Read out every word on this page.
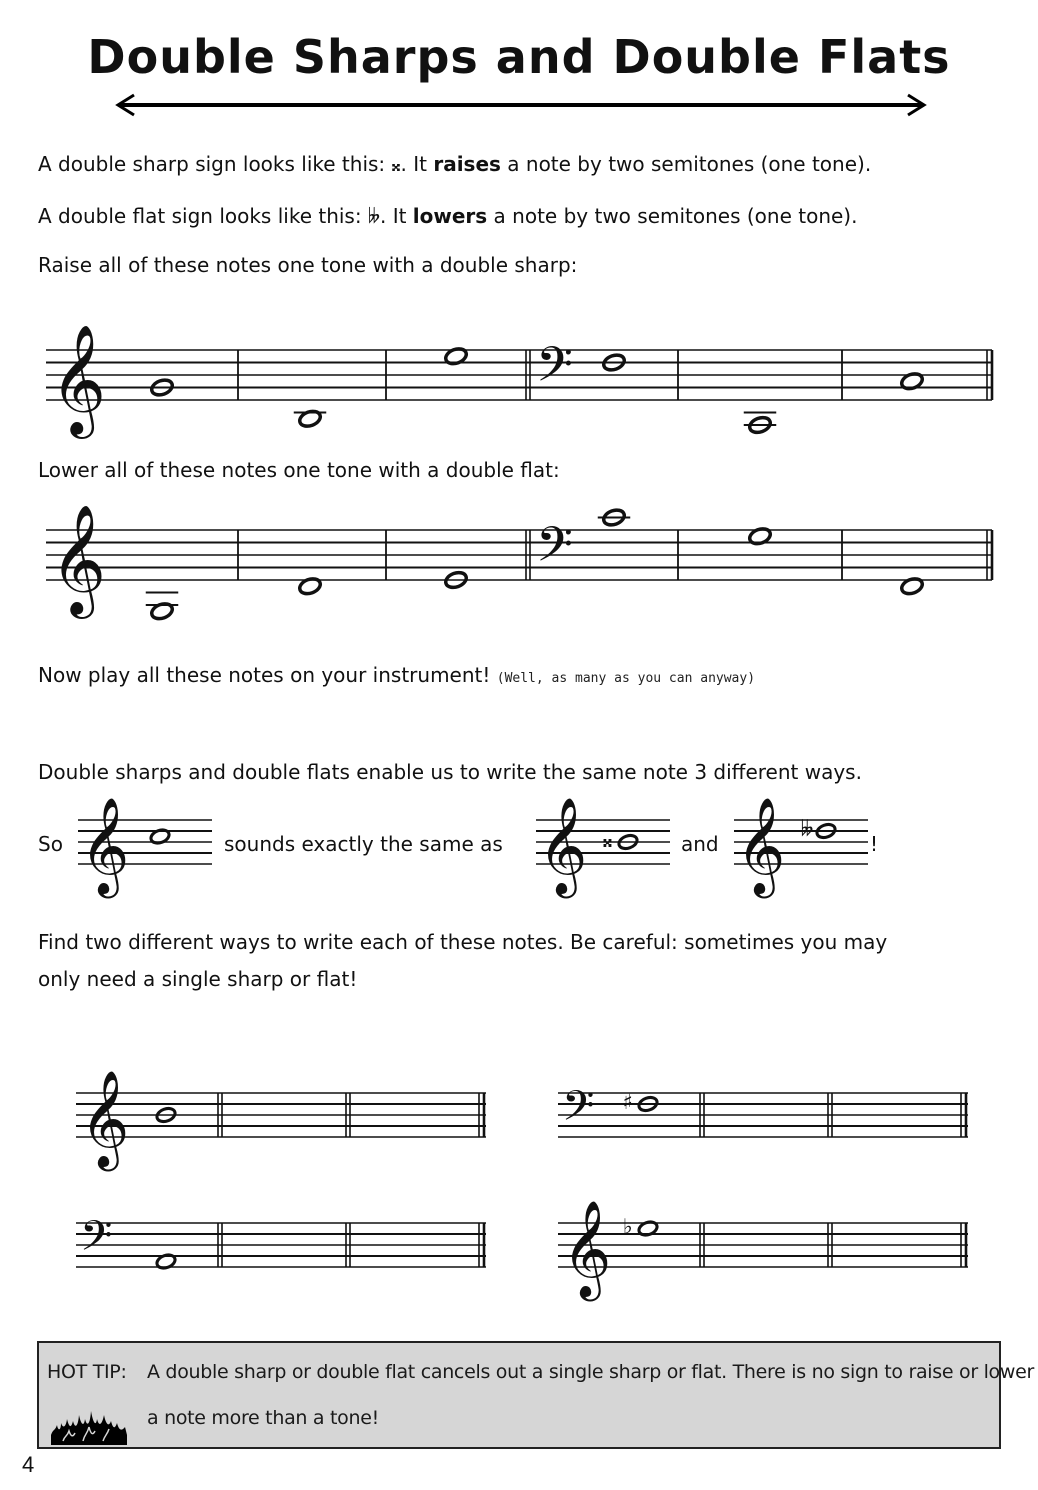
Double Sharps and Double Flats
A double sharp sign looks like this: 𝄪. It raises a note by two semitones (one tone).
A double flat sign looks like this: 𝄫. It lowers a note by two semitones (one tone).
Raise all of these notes one tone with a double sharp:
𝄞	𝄢
Lower all of these notes one tone with a double flat:
𝄞	𝄢
Now play all these notes on your instrument! (Well, as many as you can anyway)
Double sharps and double flats enable us to write the same note 3 different ways.
So 𝄞	sounds exactly the same as 𝄞 𝄪	and 𝄞 𝄫
!
Find two different ways to write each of these notes. Be careful: sometimes you may
only need a single sharp or flat!
𝄞	𝄢 ♯
𝄢	𝄞 ♭
HOT TIP: A double sharp or double flat cancels out a single sharp or flat. There is no sign to raise or lower
a note more than a tone!
4
